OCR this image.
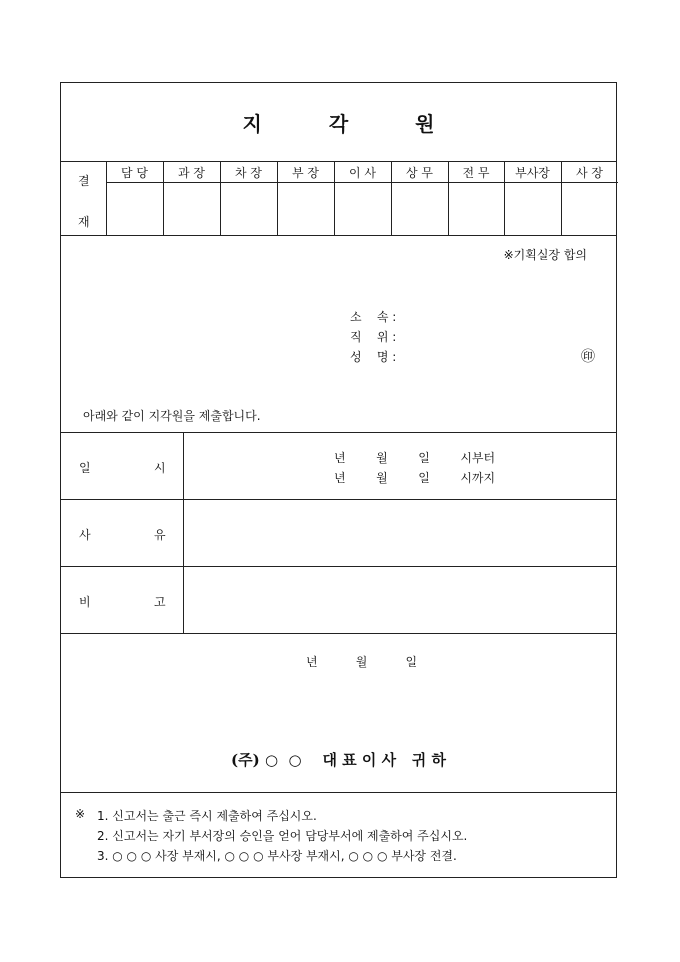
지	각	원
결
재
담 당	과 장	차 장	부 장	이 사	상 무	전 무	부사장	사 장
※기획실장 합의
소    속 :
직    위 :
성    명 :	㊞
아래와 같이 지각원을 제출합니다.
일	시
년        월        일        시부터
년        월        일        시까지
사	유
비	고
년          월          일
(주) ○  ○    대 표 이 사   귀 하
※ 1. 신고서는 출근 즉시 제출하여 주십시오.
2. 신고서는 자기 부서장의 승인을 얻어 담당부서에 제출하여 주십시오.
3. ○ ○ ○ 사장 부재시, ○ ○ ○ 부사장 부재시, ○ ○ ○ 부사장 전결.
